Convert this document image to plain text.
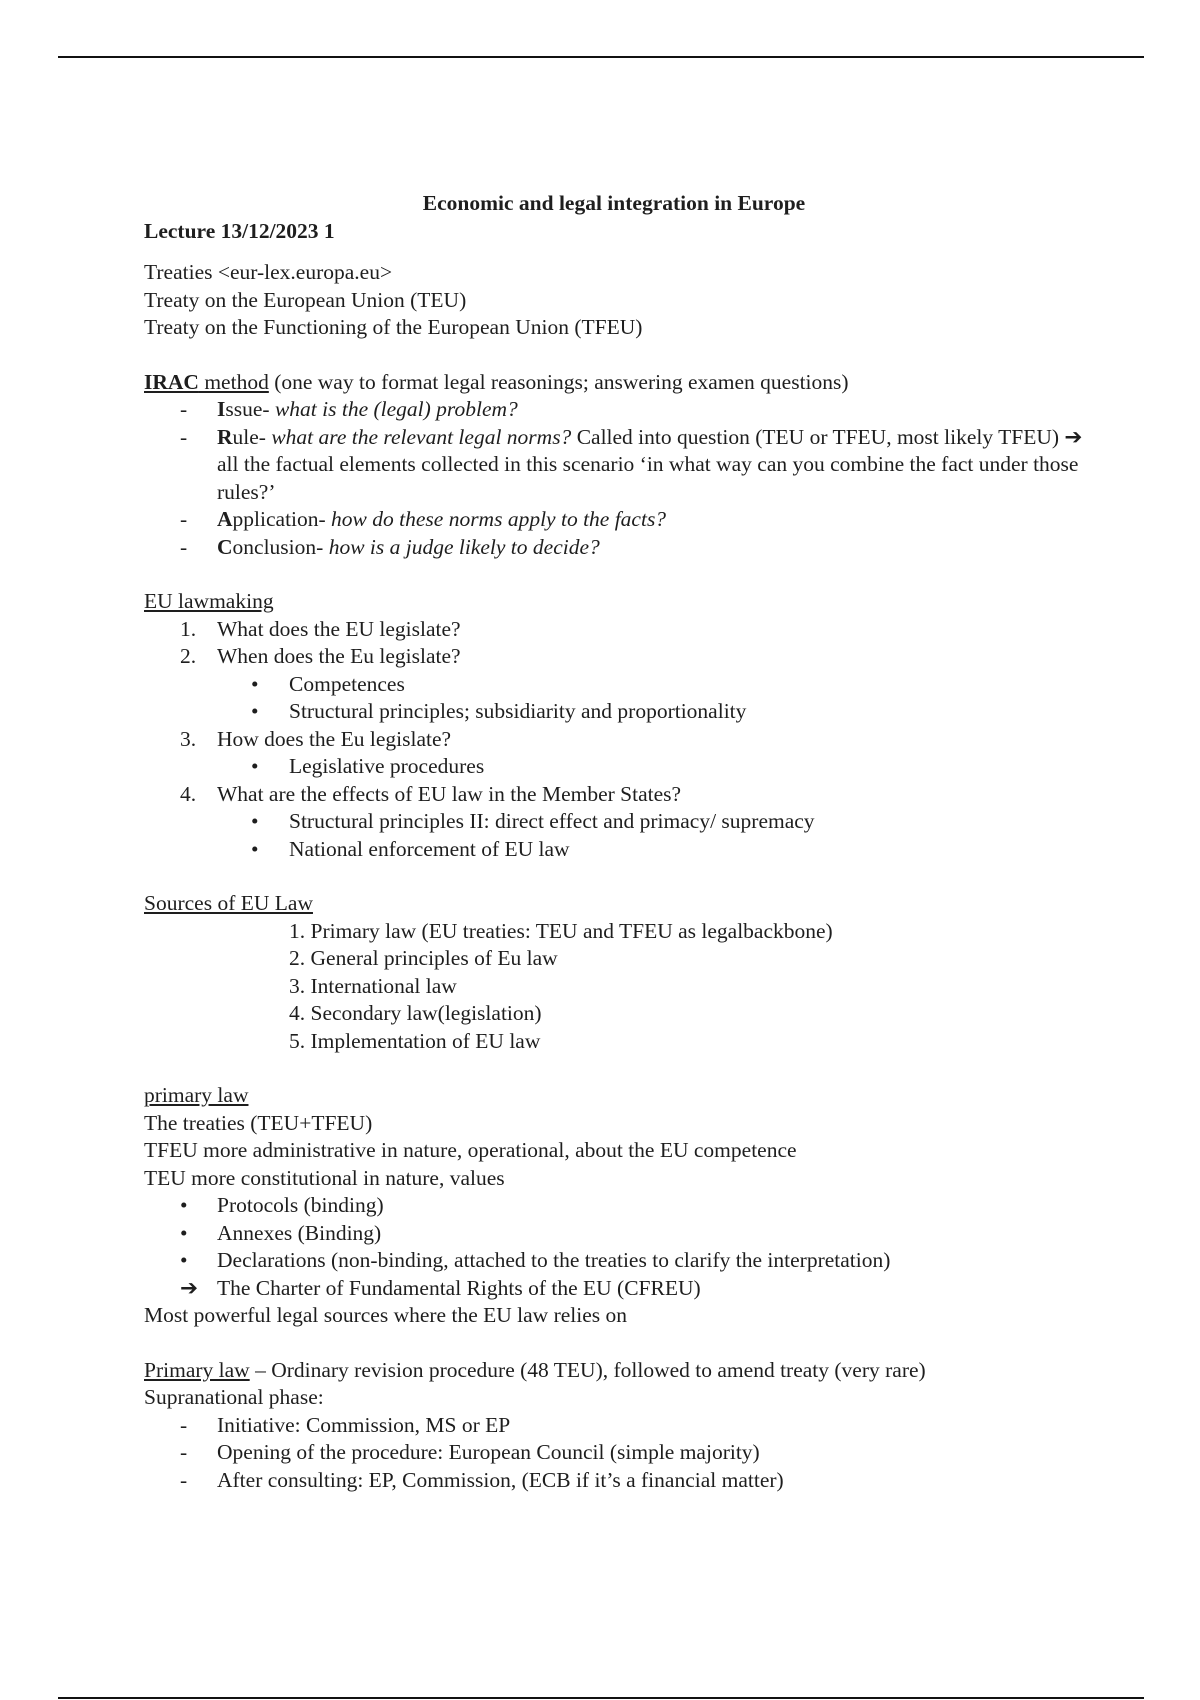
Economic and legal integration in Europe

Lecture 13/12/2023 1

Treaties <eur-lex.europa.eu>

Treaty on the European Union (TEU)

Treaty on the Functioning of the European Union (TFEU)

IRAC method (one way to format legal reasonings; answering examen questions)

- Issue- what is the (legal) problem?
- Rule- what are the relevant legal norms? Called into question (TEU or TFEU, most likely TFEU) ➔ all the factual elements collected in this scenario ‘in what way can you combine the fact under those rules?’
- Application- how do these norms apply to the facts?
- Conclusion- how is a judge likely to decide?

EU lawmaking

1. What does the EU legislate?
2. When does the Eu legislate?
• Competences
• Structural principles; subsidiarity and proportionality
3. How does the Eu legislate?
• Legislative procedures
4. What are the effects of EU law in the Member States?
• Structural principles II: direct effect and primacy/ supremacy
• National enforcement of EU law

Sources of EU Law

1. Primary law (EU treaties: TEU and TFEU as legalbackbone)
2. General principles of Eu law
3. International law
4. Secondary law(legislation)
5. Implementation of EU law

primary law

The treaties (TEU+TFEU)

TFEU more administrative in nature, operational, about the EU competence

TEU more constitutional in nature, values

• Protocols (binding)
• Annexes (Binding)
• Declarations (non-binding, attached to the treaties to clarify the interpretation)
➔ The Charter of Fundamental Rights of the EU (CFREU)

Most powerful legal sources where the EU law relies on

Primary law – Ordinary revision procedure (48 TEU), followed to amend treaty (very rare)

Supranational phase:

- Initiative: Commission, MS or EP
- Opening of the procedure: European Council (simple majority)
- After consulting: EP, Commission, (ECB if it’s a financial matter)
